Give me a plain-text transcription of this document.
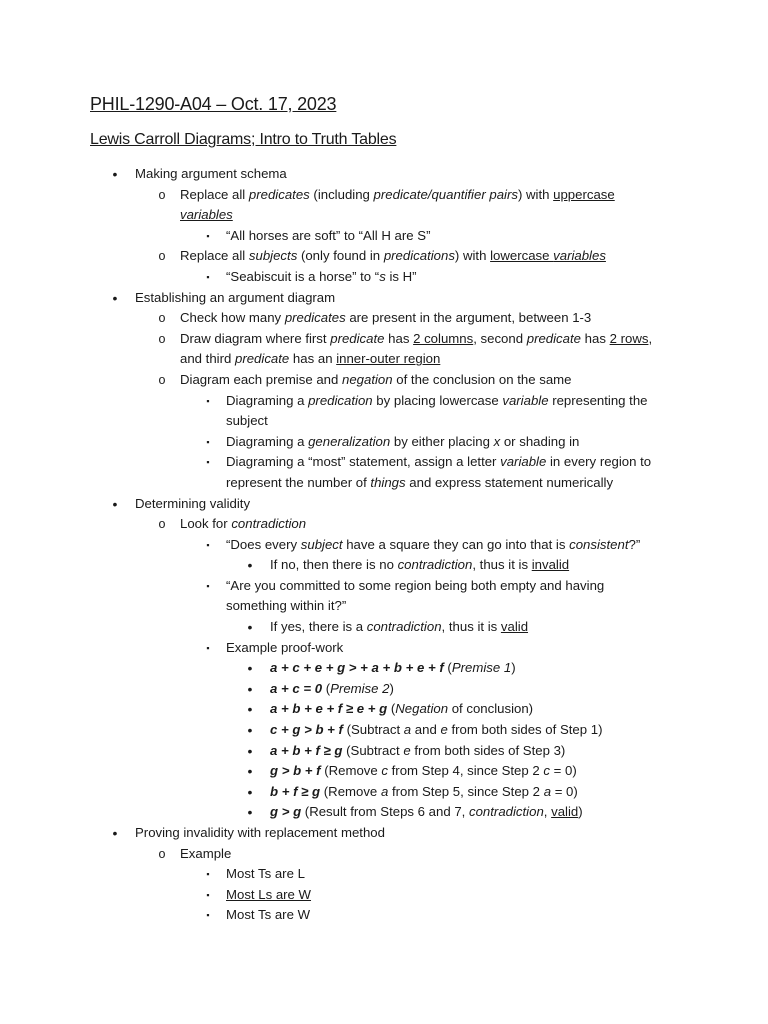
PHIL-1290-A04 – Oct. 17, 2023
Lewis Carroll Diagrams; Intro to Truth Tables
• Making argument schema
o Replace all predicates (including predicate/quantifier pairs) with uppercase
variables
▪	“All horses are soft” to “All H are S”
o Replace all subjects (only found in predications) with lowercase variables
▪	“Seabiscuit is a horse” to “s is H”
• Establishing an argument diagram
o Check how many predicates are present in the argument, between 1-3
o Draw diagram where first predicate has 2 columns, second predicate has 2 rows,
and third predicate has an inner-outer region
o Diagram each premise and negation of the conclusion on the same
▪	Diagraming a predication by placing lowercase variable representing the
subject
▪	Diagraming a generalization by either placing x or shading in
▪	Diagraming a “most” statement, assign a letter variable in every region to
represent the number of things and express statement numerically
• Determining validity
o Look for contradiction
▪	“Does every subject have a square they can go into that is consistent?”
• If no, then there is no contradiction, thus it is invalid
▪	“Are you committed to some region being both empty and having
something within it?”
• If yes, there is a contradiction, thus it is valid
▪	Example proof-work
• a + c + e + g > + a + b + e + f (Premise 1)
• a + c = 0 (Premise 2)
• a + b + e + f ≥ e + g (Negation of conclusion)
• c + g > b + f (Subtract a and e from both sides of Step 1)
• a + b + f ≥ g (Subtract e from both sides of Step 3)
• g > b + f (Remove c from Step 4, since Step 2 c = 0)
• b + f ≥ g (Remove a from Step 5, since Step 2 a = 0)
• g > g (Result from Steps 6 and 7, contradiction, valid)
• Proving invalidity with replacement method
o Example
▪	Most Ts are L
▪	Most Ls are W
▪	Most Ts are W
